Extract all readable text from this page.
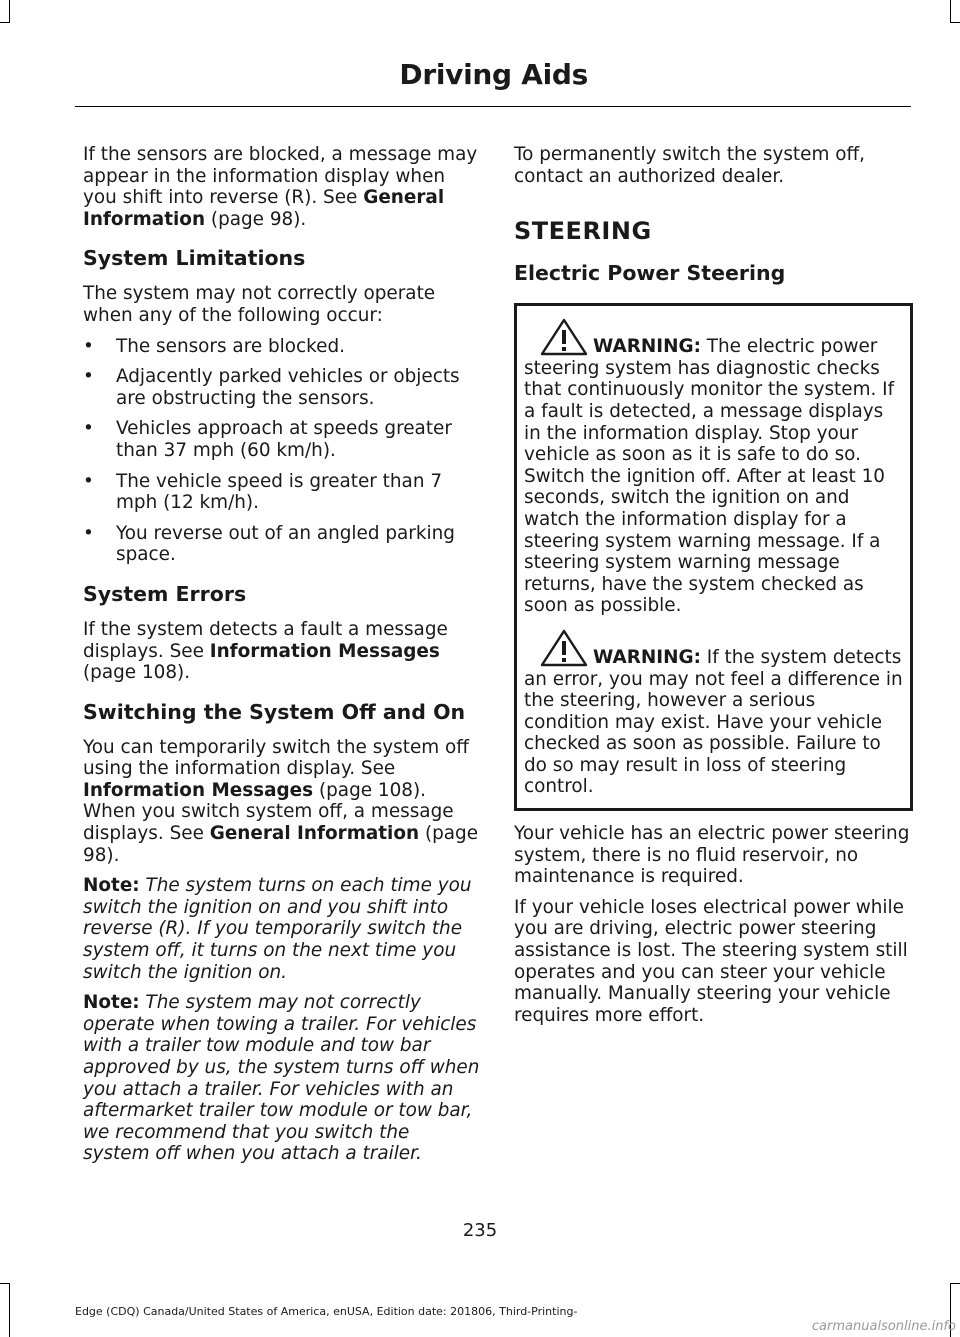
Driving Aids

If the sensors are blocked, a message may appear in the information display when you shift into reverse (R). See General Information (page 98).

System Limitations

The system may not correctly operate when any of the following occur:

• The sensors are blocked.
• Adjacently parked vehicles or objects are obstructing the sensors.
• Vehicles approach at speeds greater than 37 mph (60 km/h).
• The vehicle speed is greater than 7 mph (12 km/h).
• You reverse out of an angled parking space.
System Errors

If the system detects a fault a message displays. See Information Messages (page 108).

Switching the System Off and On

You can temporarily switch the system off using the information display. See Information Messages (page 108). When you switch system off, a message displays. See General Information (page 98).

Note: The system turns on each time you switch the ignition on and you shift into reverse (R). If you temporarily switch the system off, it turns on the next time you switch the ignition on.

Note: The system may not correctly operate when towing a trailer. For vehicles with a trailer tow module and tow bar approved by us, the system turns off when you attach a trailer. For vehicles with an aftermarket trailer tow module or tow bar, we recommend that you switch the system off when you attach a trailer.

To permanently switch the system off, contact an authorized dealer.

STEERING
Electric Power Steering

WARNING: The electric power steering system has diagnostic checks that continuously monitor the system. If a fault is detected, a message displays in the information display. Stop your vehicle as soon as it is safe to do so. Switch the ignition off. After at least 10 seconds, switch the ignition on and watch the information display for a steering system warning message. If a steering system warning message returns, have the system checked as soon as possible.

WARNING: If the system detects an error, you may not feel a difference in the steering, however a serious condition may exist. Have your vehicle checked as soon as possible. Failure to do so may result in loss of steering control.

Your vehicle has an electric power steering system, there is no fluid reservoir, no maintenance is required.

If your vehicle loses electrical power while you are driving, electric power steering assistance is lost. The steering system still operates and you can steer your vehicle manually. Manually steering your vehicle requires more effort.

235
Edge (CDQ) Canada/United States of America, enUSA, Edition date: 201806, Third-Printing-
carmanualsonline.info
